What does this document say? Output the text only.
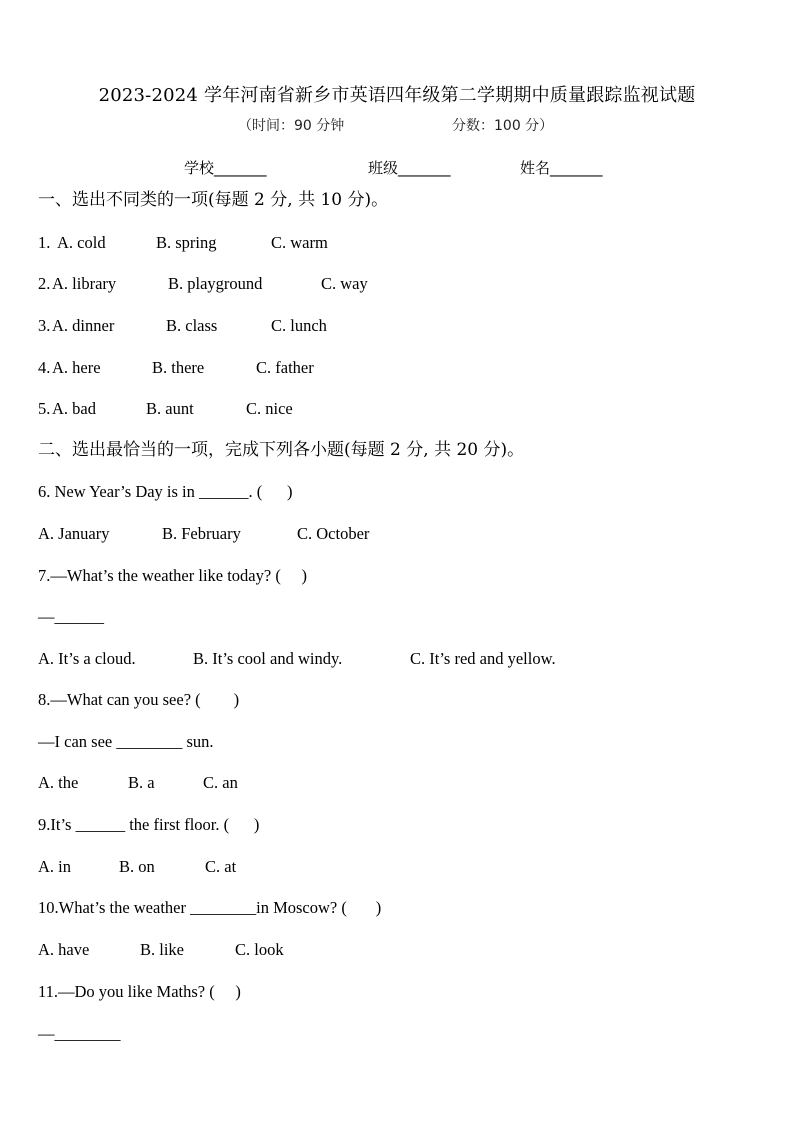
2023-2024 学年河南省新乡市英语四年级第二学期期中质量跟踪监视试题
（时间：90 分钟	分数：100 分）
学校_______	班级_______	姓名_______
一、选出不同类的一项(每题 2 分, 共 10 分)。
1. A. cold	B. spring	C. warm
2. A. library	B. playground	C. way
3. A. dinner	B. class	C. lunch
4. A. here	B. there	C. father
5. A. bad	B. aunt	C. nice
二、选出最恰当的一项，完成下列各小题(每题 2 分, 共 20 分)。
6. New Year’s Day is in ______. (      )
A. January	B. February	C. October
7.—What’s the weather like today? (     )
—______
A. It’s a cloud.	B. It’s cool and windy.	C. It’s red and yellow.
8.—What can you see? (        )
—I can see ________ sun.
A. the	B. a	C. an
9.It’s ______ the first floor. (      )
A. in	B. on	C. at
10.What’s the weather ________in Moscow? (       )
A. have	B. like	C. look
11.—Do you like Maths? (     )
—________
